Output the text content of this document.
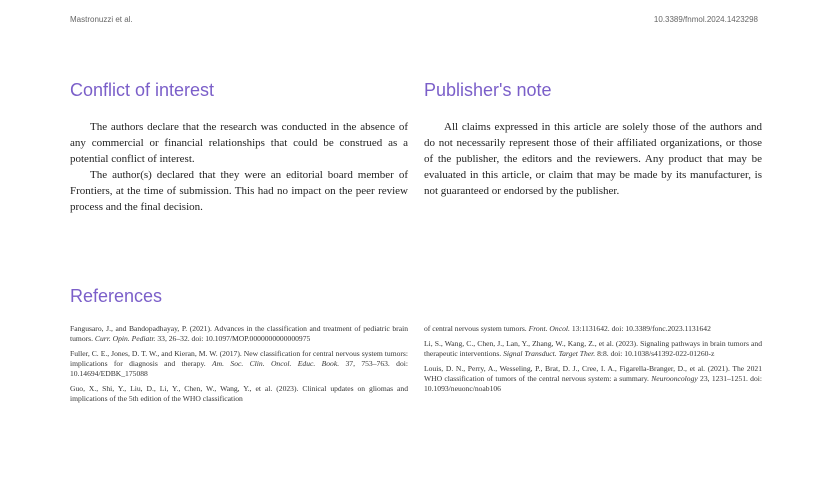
Mastronuzzi et al.	10.3389/fnmol.2024.1423298
Conflict of interest

The authors declare that the research was conducted in the absence of any commercial or financial relationships that could be construed as a potential conflict of interest.

The author(s) declared that they were an editorial board member of Frontiers, at the time of submission. This had no impact on the peer review process and the final decision.

Publisher's note

All claims expressed in this article are solely those of the authors and do not necessarily represent those of their affiliated organizations, or those of the publisher, the editors and the reviewers. Any product that may be evaluated in this article, or claim that may be made by its manufacturer, is not guaranteed or endorsed by the publisher.

References

Fangusaro, J., and Bandopadhayay, P. (2021). Advances in the classification and treatment of pediatric brain tumors. Curr. Opin. Pediatr. 33, 26–32. doi: 10.1097/MOP.0000000000000975

Fuller, C. E., Jones, D. T. W., and Kieran, M. W. (2017). New classification for central nervous system tumors: implications for diagnosis and therapy. Am. Soc. Clin. Oncol. Educ. Book. 37, 753–763. doi: 10.14694/EDBK_175088

Guo, X., Shi, Y., Liu, D., Li, Y., Chen, W., Wang, Y., et al. (2023). Clinical updates on gliomas and implications of the 5th edition of the WHO classification

of central nervous system tumors. Front. Oncol. 13:1131642. doi: 10.3389/fonc.2023.1131642

Li, S., Wang, C., Chen, J., Lan, Y., Zhang, W., Kang, Z., et al. (2023). Signaling pathways in brain tumors and therapeutic interventions. Signal Transduct. Target Ther. 8:8. doi: 10.1038/s41392-022-01260-z

Louis, D. N., Perry, A., Wesseling, P., Brat, D. J., Cree, I. A., Figarella-Branger, D., et al. (2021). The 2021 WHO classification of tumors of the central nervous system: a summary. Neurooncology 23, 1231–1251. doi: 10.1093/neuonc/noab106
